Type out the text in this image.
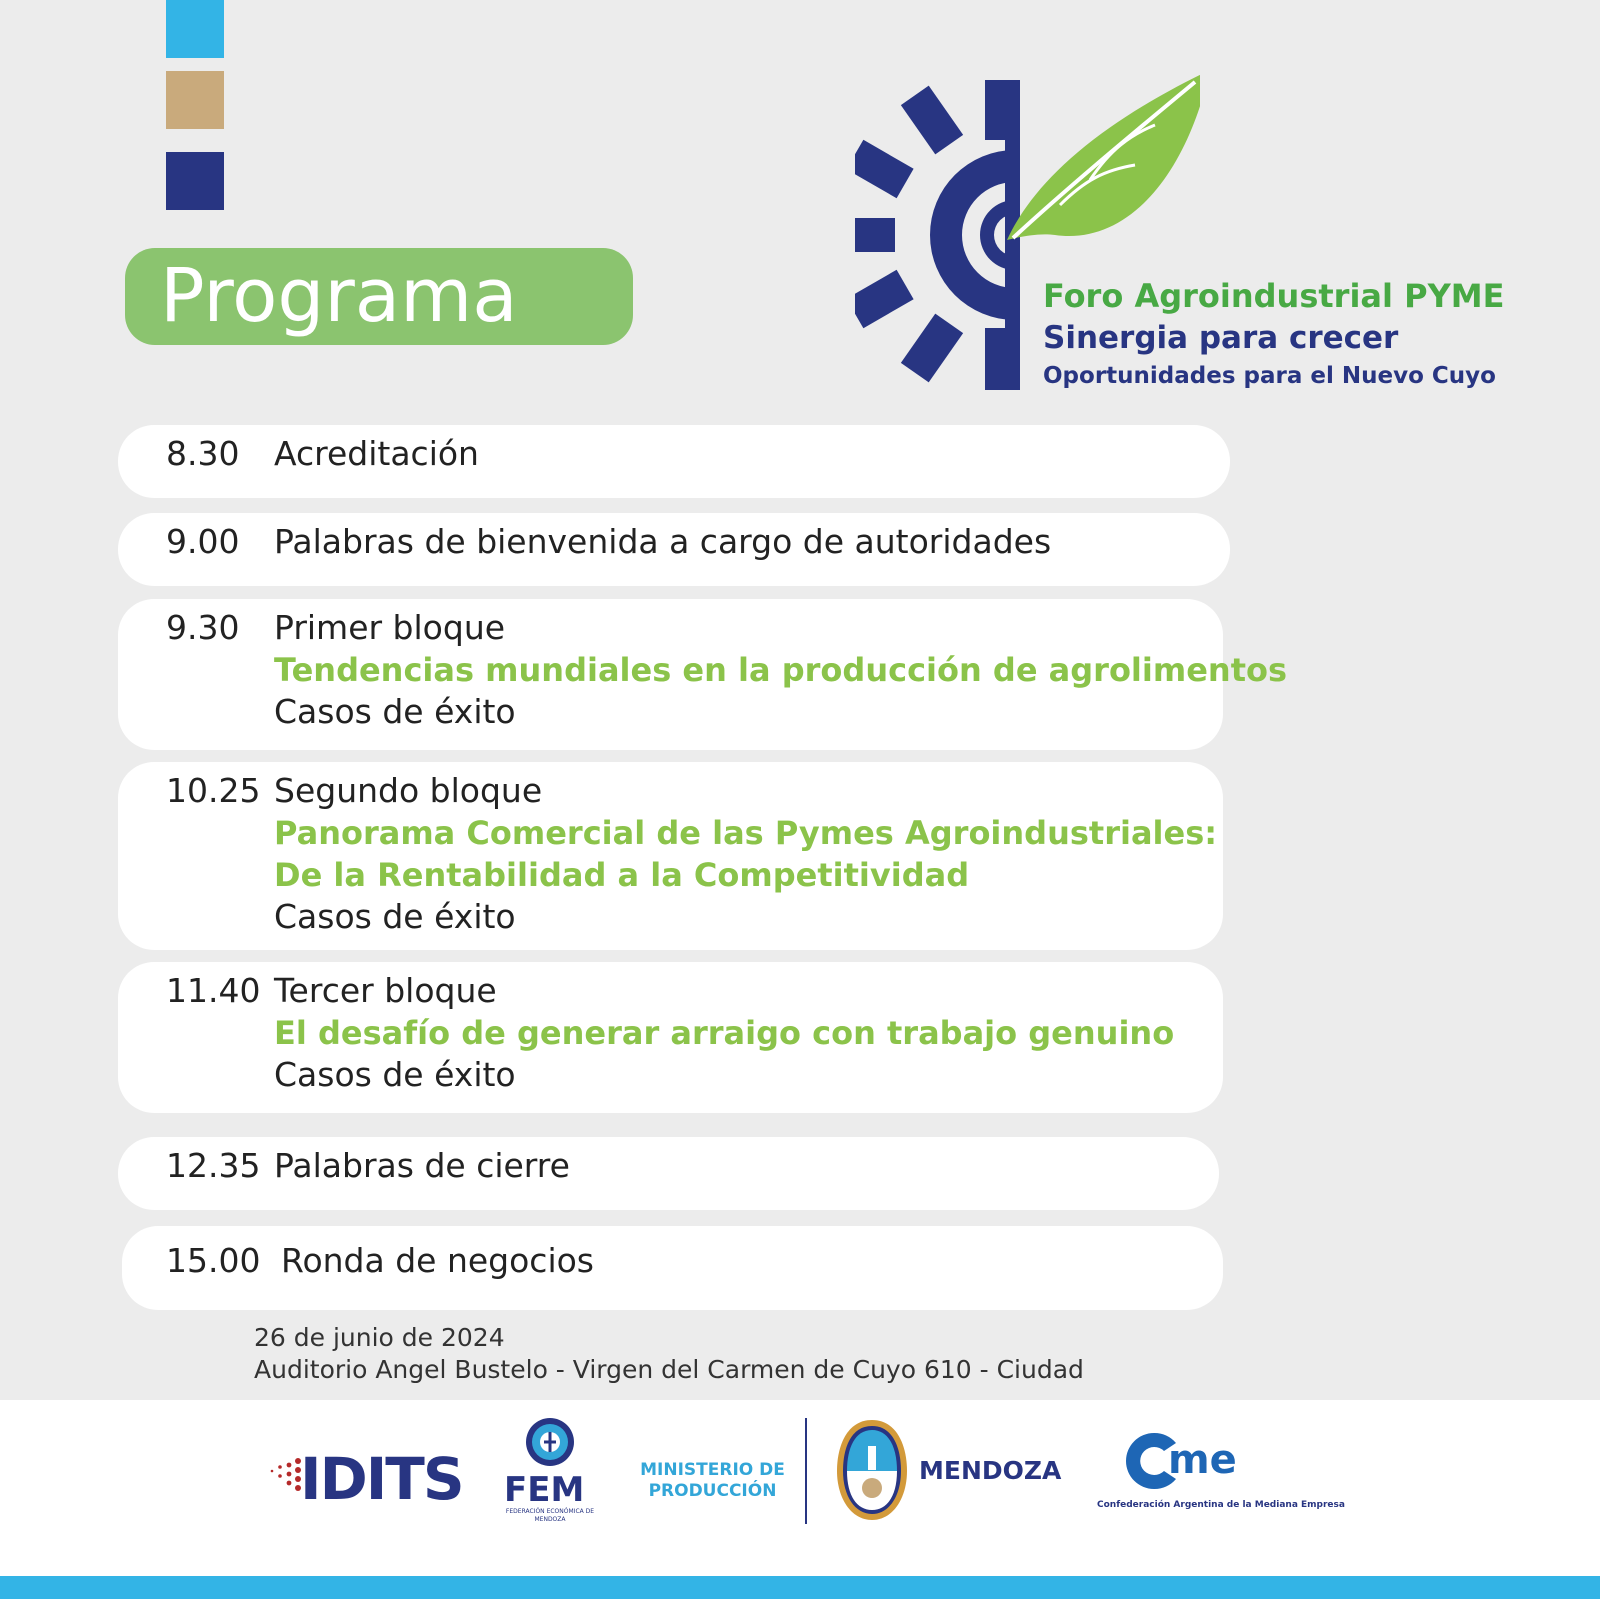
Programa	Foro Agroindustrial PYME
Sinergia para crecer
Oportunidades para el Nuevo Cuyo
8.30 Acreditación
9.00 Palabras de bienvenida a cargo de autoridades
9.30 Primer bloque
Tendencias mundiales en la producción de agrolimentos
Casos de éxito
10.25 Segundo bloque
Panorama Comercial de las Pymes Agroindustriales:
De la Rentabilidad a la Competitividad
Casos de éxito
11.40 Tercer bloque
El desafío de generar arraigo con trabajo genuino
Casos de éxito
12.35 Palabras de cierre
15.00 Ronda de negocios
26 de junio de 2024
Auditorio Angel Bustelo - Virgen del Carmen de Cuyo 610 - Ciudad
IDITS FEM
FEDERACIÓN ECONÓMICA DE MENDOZA
MINISTERIO DE PRODUCCIÓN
MENDOZA	me
Confederación Argentina de la Mediana Empresa
